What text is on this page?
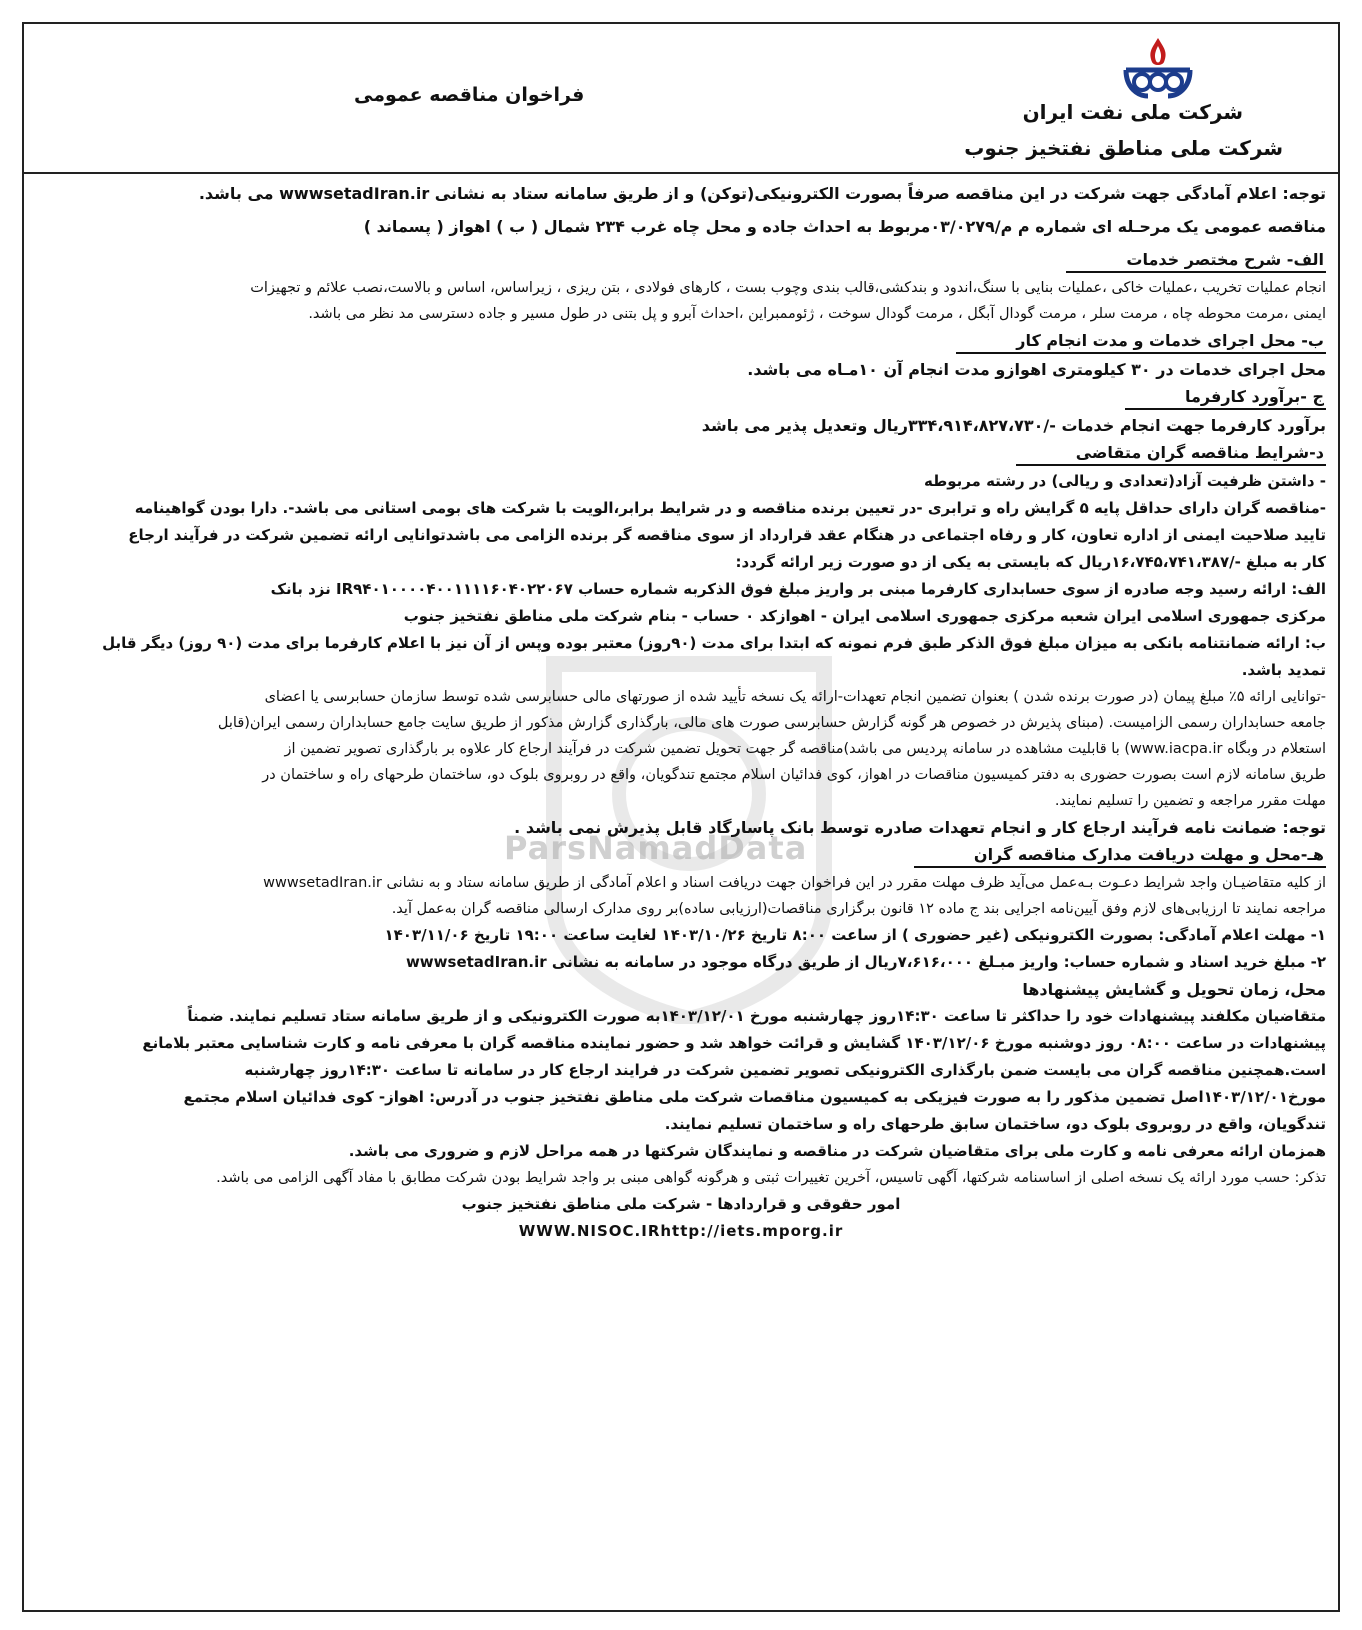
شرکت ملی نفت ایران
شرکت ملی مناطق نفتخیز جنوب
فراخوان مناقصه عمومی
ParsNamadData
توجه: اعلام آمادگی جهت شرکت در این مناقصه صرفاً بصورت الکترونیکی(توکن) و از طریق سامانه ستاد به نشانی wwwsetadIran.ir می باشد.
مناقصه عمومی یک مرحـله ای شماره م م/۰۳/۰۲۷۹مربوط به احداث جاده و محل چاه غرب ۲۳۴ شمال ( ب ) اهواز ( پسماند )
الف- شرح مختصر خدمات
انجام عملیات تخریب ،عملیات خاکی ،عملیات بنایی با سنگ،اندود و بندکشی،قالب بندی وچوب بست ، کارهای فولادی ، بتن ریزی ، زیراساس، اساس و بالاست،نصب علائم و تجهیزات
ایمنی ،مرمت محوطه چاه ، مرمت سلر ، مرمت گودال آبگل ، مرمت گودال سوخت ، ژئوممبراین ،احداث آبرو و پل بتنی در طول مسیر و جاده دسترسی مد نظر می باشد.
ب- محل اجرای خدمات و مدت انجام کار
محل اجرای خدمات در ۳۰ کیلومتری اهوازو مدت انجام آن ۱۰مـاه می باشد.
ج -برآورد کارفرما
برآورد کارفرما جهت انجام خدمات -/۳۳۴،۹۱۴،۸۲۷،۷۳۰ریال وتعدیل پذیر می باشد
د-شرایط مناقصه گران متقاضی
- داشتن ظرفیت آزاد(تعدادی و ریالی) در رشته مربوطه
-مناقصه گران دارای حداقل پایه ۵ گرایش راه و ترابری -در تعیین برنده مناقصه و در شرایط برابر،الویت با شرکت های بومی استانی می باشد-. دارا بودن گواهینامه
تایید صلاحیت ایمنی از اداره تعاون، کار و رفاه اجتماعی در هنگام عقد قرارداد از سوی مناقصه گر برنده الزامی می باشدتوانایی ارائه تضمین شرکت در فرآیند ارجاع
کار به مبلغ -/۱۶،۷۴۵،۷۴۱،۳۸۷ریال که بایستی به یکی از دو صورت زیر ارائه گردد:
الف: ارائه رسید وجه صادره از سوی حسابداری کارفرما مبنی بر واریز مبلغ فوق الذکربه شماره حساب IR۹۴۰۱۰۰۰۰۴۰۰۱۱۱۱۶۰۴۰۲۲۰۶۷ نزد بانک
مرکزی جمهوری اسلامی ایران شعبه مرکزی جمهوری اسلامی ایران - اهوازکد ۰ حساب - بنام شرکت ملی مناطق نفتخیز جنوب
ب: ارائه ضمانتنامه بانکی به میزان مبلغ فوق الذکر طبق فرم نمونه که ابتدا برای مدت (۹۰روز) معتبر بوده وپس از آن نیز با اعلام کارفرما برای مدت (۹۰ روز) دیگر قابل
تمدید باشد.
-توانایی ارائه ۵٪ مبلغ پیمان (در صورت برنده شدن ) بعنوان تضمین انجام تعهدات-ارائه یک نسخه تأیید شده از صورتهای مالی حسابرسی شده توسط سازمان حسابرسی یا اعضای
جامعه حسابداران رسمی الزامیست. (مبنای پذیرش در خصوص هر گونه گزارش حسابرسی صورت های مالی، بارگذاری گزارش مذکور از طریق سایت جامع حسابداران رسمی ایران(قابل
استعلام در وبگاه www.iacpa.ir) با قابلیت مشاهده در سامانه پردیس می باشد)مناقصه گر جهت تحویل تضمین شرکت در فرآیند ارجاع کار علاوه بر بارگذاری تصویر تضمین از
طریق سامانه لازم است بصورت حضوری به دفتر کمیسیون مناقصات در اهواز، کوی فدائیان اسلام مجتمع تندگویان، واقع در روبروی بلوک دو، ساختمان طرحهای راه و ساختمان در
مهلت مقرر مراجعه و تضمین را تسلیم نمایند.
توجه: ضمانت نامه فرآیند ارجاع کار و انجام تعهدات صادره توسط بانک پاسارگاد قابل پذیرش نمی باشد .
هـ-محل و مهلت دریافت مدارک مناقصه گران
از کلیه متقاضیـان واجد شرایط دعـوت بـه‌عمل می‌آید ظرف مهلت مقرر در این فراخوان جهت دریافت اسناد و اعلام آمادگی از طریق سامانه ستاد و به نشانی wwwsetadIran.ir
مراجعه نمایند تا ارزیابی‌های لازم وفق آیین‌نامه اجرایی بند ج ماده ۱۲ قانون برگزاری مناقصات(ارزیابی ساده)بر روی مدارک ارسالی مناقصه گران به‌عمل آید.
۱- مهلت اعلام آمادگی: بصورت الکترونیکی (غیر حضوری ) از ساعت ۸:۰۰ تاریخ ۱۴۰۳/۱۰/۲۶ لغایت ساعت ۱۹:۰۰ تاریخ ۱۴۰۳/۱۱/۰۶
۲- مبلغ خرید اسناد و شماره حساب: واریز مبـلغ ۷،۶۱۶،۰۰۰ریال از طریق درگاه موجود در سامانه به نشانی wwwsetadIran.ir
محل، زمان تحویل و گشایش پیشنهادها
متقاضیان مکلفند پیشنهادات خود را حداکثر تا ساعت ۱۴:۳۰روز چهارشنبه مورخ ۱۴۰۳/۱۲/۰۱به صورت الکترونیکی و از طریق سامانه ستاد تسلیم نمایند. ضمناً
پیشنهادات در ساعت ۰۸:۰۰ روز دوشنبه مورخ ۱۴۰۳/۱۲/۰۶ گشایش و قرائت خواهد شد و حضور نماینده مناقصه گران با معرفی نامه و کارت شناسایی معتبر بلامانع
است.همچنین مناقصه گران می بایست ضمن بارگذاری الکترونیکی تصویر تضمین شرکت در فرایند ارجاع کار در سامانه تا ساعت ۱۴:۳۰روز چهارشنبه
مورخ۱۴۰۳/۱۲/۰۱اصل تضمین مذکور را به صورت فیزیکی به کمیسیون مناقصات شرکت ملی مناطق نفتخیز جنوب در آدرس: اهواز- کوی فدائیان اسلام مجتمع
تندگویان، واقع در روبروی بلوک دو، ساختمان سابق طرحهای راه و ساختمان تسلیم نمایند.
همزمان ارائه معرفی نامه و کارت ملی برای متقاضیان شرکت در مناقصه و نمایندگان شرکتها در همه مراحل لازم و ضروری می باشد.
تذکر: حسب مورد ارائه یک نسخه اصلی از اساسنامه شرکتها، آگهی تاسیس، آخرین تغییرات ثبتی و هرگونه گواهی مبنی بر واجد شرایط بودن شرکت مطابق با مفاد آگهی الزامی می باشد.
امور حقوقی و قراردادها - شرکت ملی مناطق نفتخیز جنوب
WWW.NISOC.IRhttp://iets.mporg.ir
